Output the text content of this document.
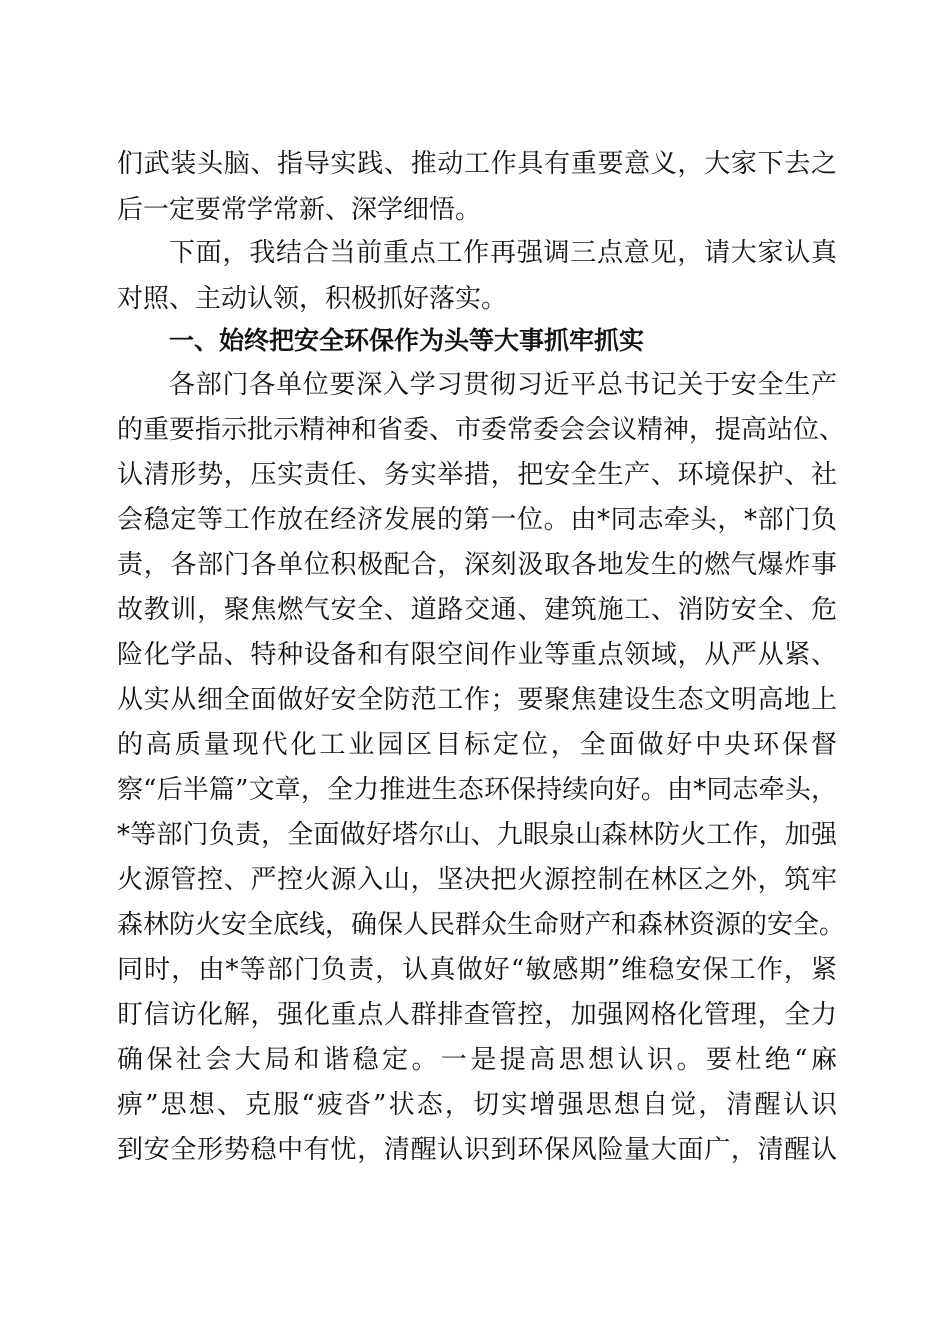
们武装头脑、指导实践、推动工作具有重要意义，大家下去之
后一定要常学常新、深学细悟。
下面，我结合当前重点工作再强调三点意见，请大家认真
对照、主动认领，积极抓好落实。
一、始终把安全环保作为头等大事抓牢抓实
各部门各单位要深入学习贯彻习近平总书记关于安全生产
的重要指示批示精神和省委、市委常委会会议精神，提高站位、
认清形势，压实责任、务实举措，把安全生产、环境保护、社
会稳定等工作放在经济发展的第一位。由*同志牵头，*部门负
责，各部门各单位积极配合，深刻汲取各地发生的燃气爆炸事
故教训，聚焦燃气安全、道路交通、建筑施工、消防安全、危
险化学品、特种设备和有限空间作业等重点领域，从严从紧、
从实从细全面做好安全防范工作；要聚焦建设生态文明高地上
的高质量现代化工业园区目标定位，全面做好中央环保督
察“后半篇”文章，全力推进生态环保持续向好。由*同志牵头，
*等部门负责，全面做好塔尔山、九眼泉山森林防火工作，加强
火源管控、严控火源入山，坚决把火源控制在林区之外，筑牢
森林防火安全底线，确保人民群众生命财产和森林资源的安全。
同时，由*等部门负责，认真做好“敏感期”维稳安保工作，紧
盯信访化解，强化重点人群排查管控，加强网格化管理，全力
确保社会大局和谐稳定。一是提高思想认识。要杜绝“麻
痹”思想、克服“疲沓”状态，切实增强思想自觉，清醒认识
到安全形势稳中有忧，清醒认识到环保风险量大面广，清醒认
